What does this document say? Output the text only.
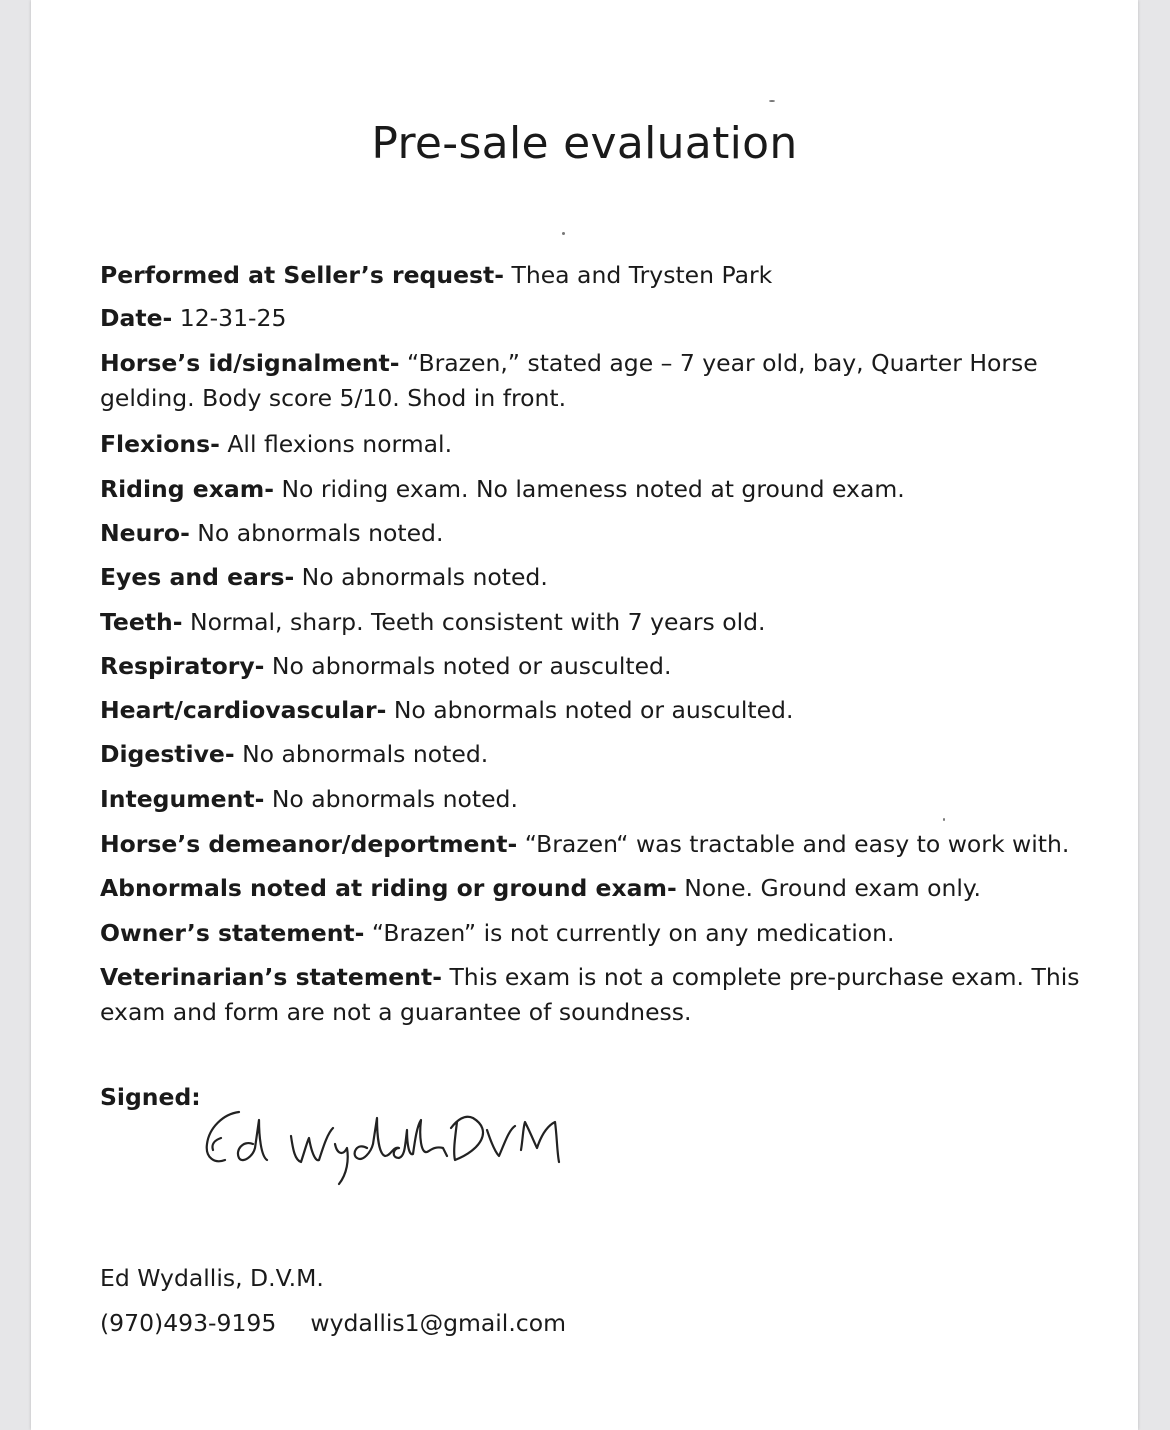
Pre-sale evaluation
Performed at Seller’s request- Thea and Trysten Park
Date- 12-31-25
Horse’s id/signalment- “Brazen,” stated age – 7 year old, bay, Quarter Horse gelding. Body score 5/10. Shod in front.
Flexions- All flexions normal.
Riding exam- No riding exam. No lameness noted at ground exam.
Neuro- No abnormals noted.
Eyes and ears- No abnormals noted.
Teeth- Normal, sharp. Teeth consistent with 7 years old.
Respiratory- No abnormals noted or ausculted.
Heart/cardiovascular- No abnormals noted or ausculted.
Digestive- No abnormals noted.
Integument- No abnormals noted.
Horse’s demeanor/deportment- “Brazen“ was tractable and easy to work with.
Abnormals noted at riding or ground exam- None. Ground exam only.
Owner’s statement- “Brazen” is not currently on any medication.
Veterinarian’s statement- This exam is not a complete pre-purchase exam. This exam and form are not a guarantee of soundness.
Signed:
Ed Wydallis, D.V.M.
(970)493-9195 wydallis1@gmail.com
